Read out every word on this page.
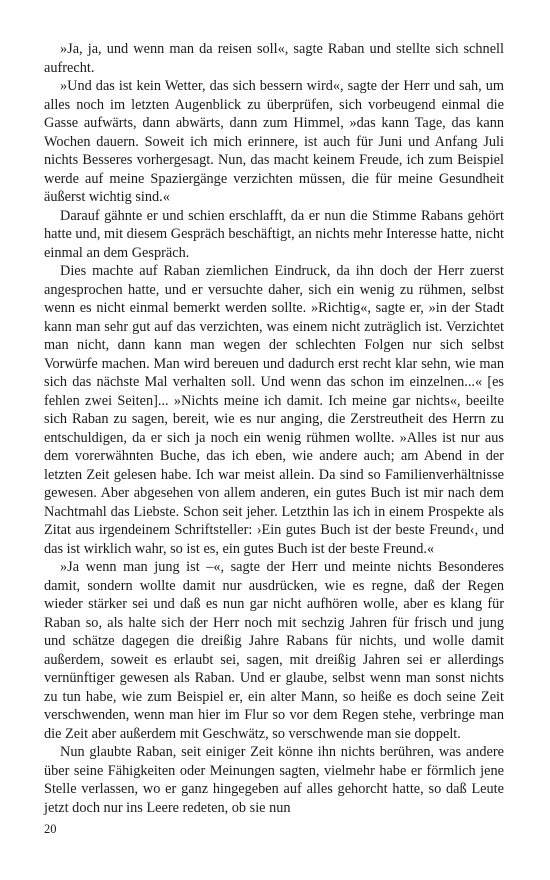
»Ja, ja, und wenn man da reisen soll«, sagte Raban und stellte sich schnell aufrecht.

»Und das ist kein Wetter, das sich bessern wird«, sagte der Herr und sah, um alles noch im letzten Augenblick zu überprüfen, sich vorbeugend einmal die Gasse aufwärts, dann abwärts, dann zum Himmel, »das kann Tage, das kann Wochen dauern. Soweit ich mich erinnere, ist auch für Juni und Anfang Juli nichts Besseres vorhergesagt. Nun, das macht keinem Freude, ich zum Beispiel werde auf meine Spaziergänge verzichten müssen, die für meine Gesundheit äußerst wichtig sind.«

Darauf gähnte er und schien erschlafft, da er nun die Stimme Rabans gehört hatte und, mit diesem Gespräch beschäftigt, an nichts mehr Interesse hatte, nicht einmal an dem Gespräch.

Dies machte auf Raban ziemlichen Eindruck, da ihn doch der Herr zuerst angesprochen hatte, und er versuchte daher, sich ein wenig zu rühmen, selbst wenn es nicht einmal bemerkt werden sollte. »Richtig«, sagte er, »in der Stadt kann man sehr gut auf das verzichten, was einem nicht zuträglich ist. Verzichtet man nicht, dann kann man wegen der schlechten Folgen nur sich selbst Vorwürfe machen. Man wird bereuen und dadurch erst recht klar sehn, wie man sich das nächste Mal verhalten soll. Und wenn das schon im einzelnen...« [es fehlen zwei Seiten]... »Nichts meine ich damit. Ich meine gar nichts«, beeilte sich Raban zu sagen, bereit, wie es nur anging, die Zerstreutheit des Herrn zu entschuldigen, da er sich ja noch ein wenig rühmen wollte. »Alles ist nur aus dem vorerwähnten Buche, das ich eben, wie andere auch; am Abend in der letzten Zeit gelesen habe. Ich war meist allein. Da sind so Familienverhältnisse gewesen. Aber abgesehen von allem anderen, ein gutes Buch ist mir nach dem Nachtmahl das Liebste. Schon seit jeher. Letzthin las ich in einem Prospekte als Zitat aus irgendeinem Schriftsteller: ›Ein gutes Buch ist der beste Freund‹, und das ist wirklich wahr, so ist es, ein gutes Buch ist der beste Freund.«

»Ja wenn man jung ist –«, sagte der Herr und meinte nichts Besonderes damit, sondern wollte damit nur ausdrücken, wie es regne, daß der Regen wieder stärker sei und daß es nun gar nicht aufhören wolle, aber es klang für Raban so, als halte sich der Herr noch mit sechzig Jahren für frisch und jung und schätze dagegen die dreißig Jahre Rabans für nichts, und wolle damit außerdem, soweit es erlaubt sei, sagen, mit dreißig Jahren sei er allerdings vernünftiger gewesen als Raban. Und er glaube, selbst wenn man sonst nichts zu tun habe, wie zum Beispiel er, ein alter Mann, so heiße es doch seine Zeit verschwenden, wenn man hier im Flur so vor dem Regen stehe, verbringe man die Zeit aber außerdem mit Geschwätz, so verschwende man sie doppelt.

Nun glaubte Raban, seit einiger Zeit könne ihn nichts berühren, was andere über seine Fähigkeiten oder Meinungen sagten, vielmehr habe er förmlich jene Stelle verlassen, wo er ganz hingegeben auf alles gehorcht hatte, so daß Leute jetzt doch nur ins Leere redeten, ob sie nun

20
